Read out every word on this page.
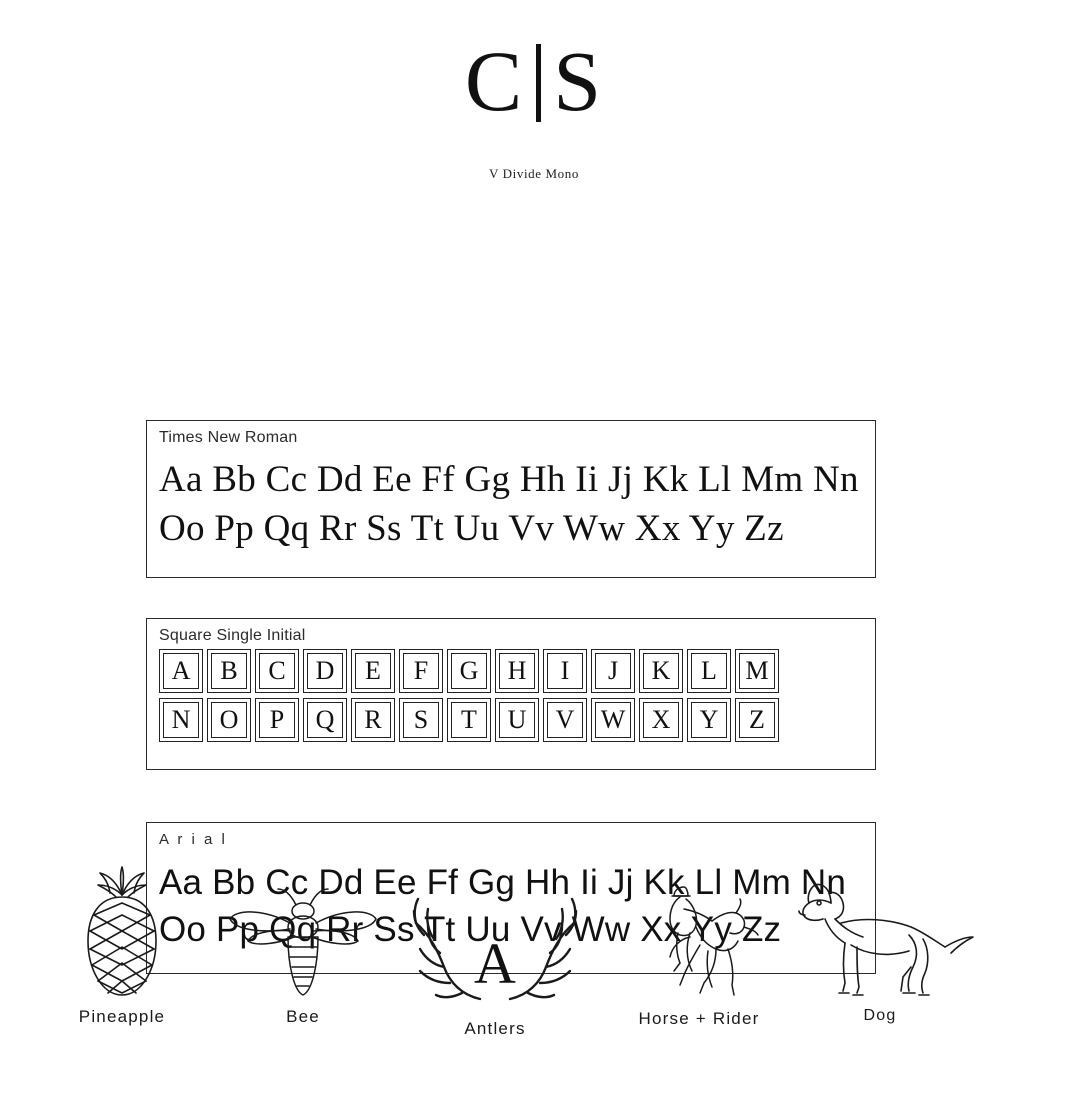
C S
V Divide Mono
Times New Roman
Aa Bb Cc Dd Ee Ff Gg Hh Ii Jj Kk Ll Mm Nn
Oo Pp Qq Rr Ss Tt Uu Vv Ww Xx Yy Zz
Square Single Initial
A B C D E F G H I J K L M
N O P Q R S T U V W X Y Z
A r i a l
Aa Bb Cc Dd Ee Ff Gg Hh Ii Jj Kk Ll Mm Nn
Oo Pp Qq Rr Ss Tt Uu Vv Ww Xx Yy Zz
Pineapple	Bee
A
Antlers
Horse + Rider	Dog
